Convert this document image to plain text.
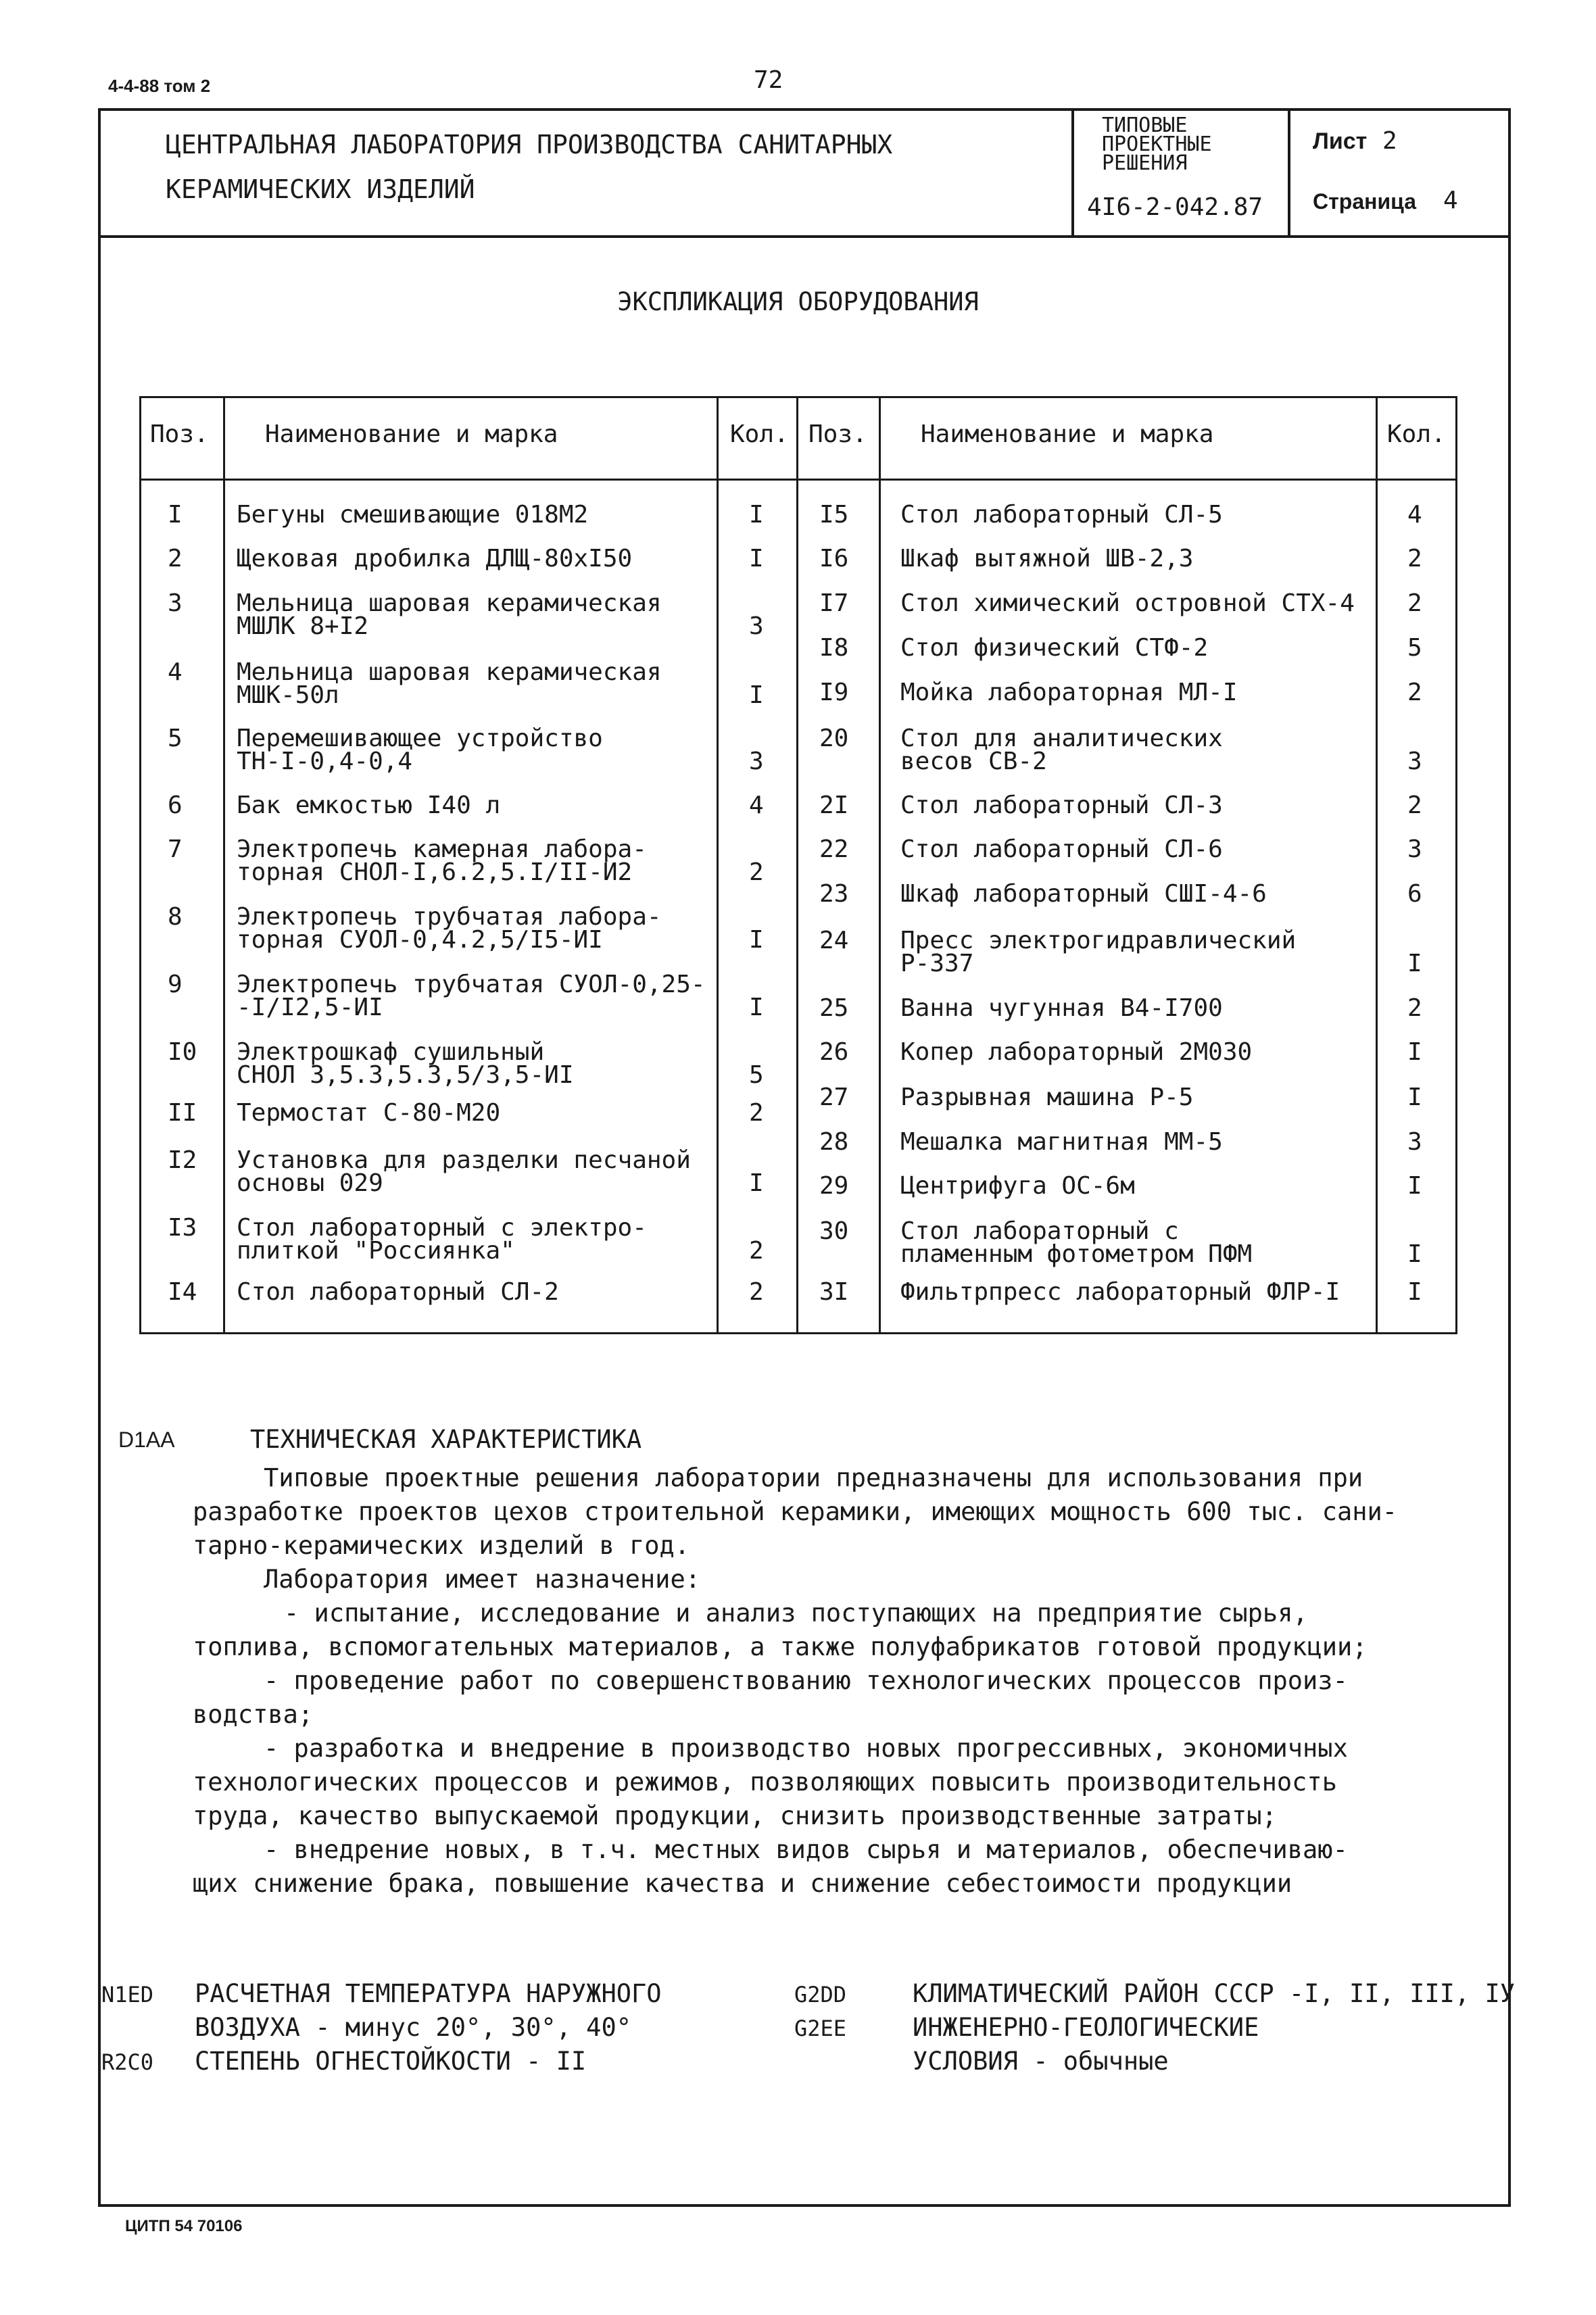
4-4-88 том 2	72
ЦЕНТРАЛЬНАЯ ЛАБОРАТОРИЯ ПРОИЗВОДСТВА САНИТАРНЫХ
КЕРАМИЧЕСКИХ ИЗДЕЛИЙ
ТИПОВЫЕ
ПРОЕКТНЫЕ
РЕШЕНИЯ
4I6-2-042.87
Лист 2
Страница 4
ЭКСПЛИКАЦИЯ ОБОРУДОВАНИЯ
Поз. Наименование и марка	Кол. Поз. Наименование и марка	Кол.
I Бегуны смешивающие 018М2	I
2 Щековая дробилка ДЛЩ-80хI50	I
3 Мельница шаровая керамическая
МШЛК 8+I2	3
4 Мельница шаровая керамическая
МШК-50л	I
5 Перемешивающее устройство
ТН-I-0,4-0,4	3
6 Бак емкостью I40 л	4
7 Электропечь камерная лабора-
торная СНОЛ-I,6.2,5.I/II-И2	2
8 Электропечь трубчатая лабора-
торная СУОЛ-0,4.2,5/I5-ИI	I
9 Электропечь трубчатая СУОЛ-0,25-
-I/I2,5-ИI	I
I0 Электрошкаф сушильный
СНОЛ 3,5.3,5.3,5/3,5-ИI	5
II Термостат С-80-М20	2
I2 Установка для разделки песчаной
основы 029	I
I3 Стол лабораторный с электро-
плиткой "Россиянка"	2
I4 Стол лабораторный СЛ-2	2
I5 Стол лабораторный СЛ-5	4
I6 Шкаф вытяжной ШВ-2,3	2
I7 Стол химический островной СТХ-4 2
I8 Стол физический СТФ-2	5
I9 Мойка лабораторная МЛ-I	2
20 Стол для аналитических
весов СВ-2	3
2I Стол лабораторный СЛ-3	2
22 Стол лабораторный СЛ-6	3
23 Шкаф лабораторный СШI-4-6	6
24 Пресс электрогидравлический
Р-337	I
25 Ванна чугунная В4-I700	2
26 Копер лабораторный 2М030	I
27 Разрывная машина Р-5	I
28 Мешалка магнитная ММ-5	3
29 Центрифуга ОС-6м	I
30 Стол лабораторный с
пламенным фотометром ПФМ	I
3I Фильтрпресс лабораторный ФЛР-I	I
D1AA	ТЕХНИЧЕСКАЯ ХАРАКТЕРИСТИКА
Типовые проектные решения лаборатории предназначены для использования при
разработке проектов цехов строительной керамики, имеющих мощность 600 тыс. сани-
тарно-керамических изделий в год.
Лаборатория имеет назначение:
- испытание, исследование и анализ поступающих на предприятие сырья,
топлива, вспомогательных материалов, а также полуфабрикатов готовой продукции;
- проведение работ по совершенствованию технологических процессов произ-
водства;
- разработка и внедрение в производство новых прогрессивных, экономичных
технологических процессов и режимов, позволяющих повысить производительность
труда, качество выпускаемой продукции, снизить производственные затраты;
- внедрение новых, в т.ч. местных видов сырья и материалов, обеспечиваю-
щих снижение брака, повышение качества и снижение себестоимости продукции
N1ED РАСЧЕТНАЯ ТЕМПЕРАТУРА НАРУЖНОГО
ВОЗДУХА - минус 20°, 30°, 40°
R2C0 СТЕПЕНЬ ОГНЕСТОЙКОСТИ - II
G2DD	КЛИМАТИЧЕСКИЙ РАЙОН СССР -I, II, III, IУ
G2EE	ИНЖЕНЕРНО-ГЕОЛОГИЧЕСКИЕ
УСЛОВИЯ - обычные
ЦИТП 54 70106
